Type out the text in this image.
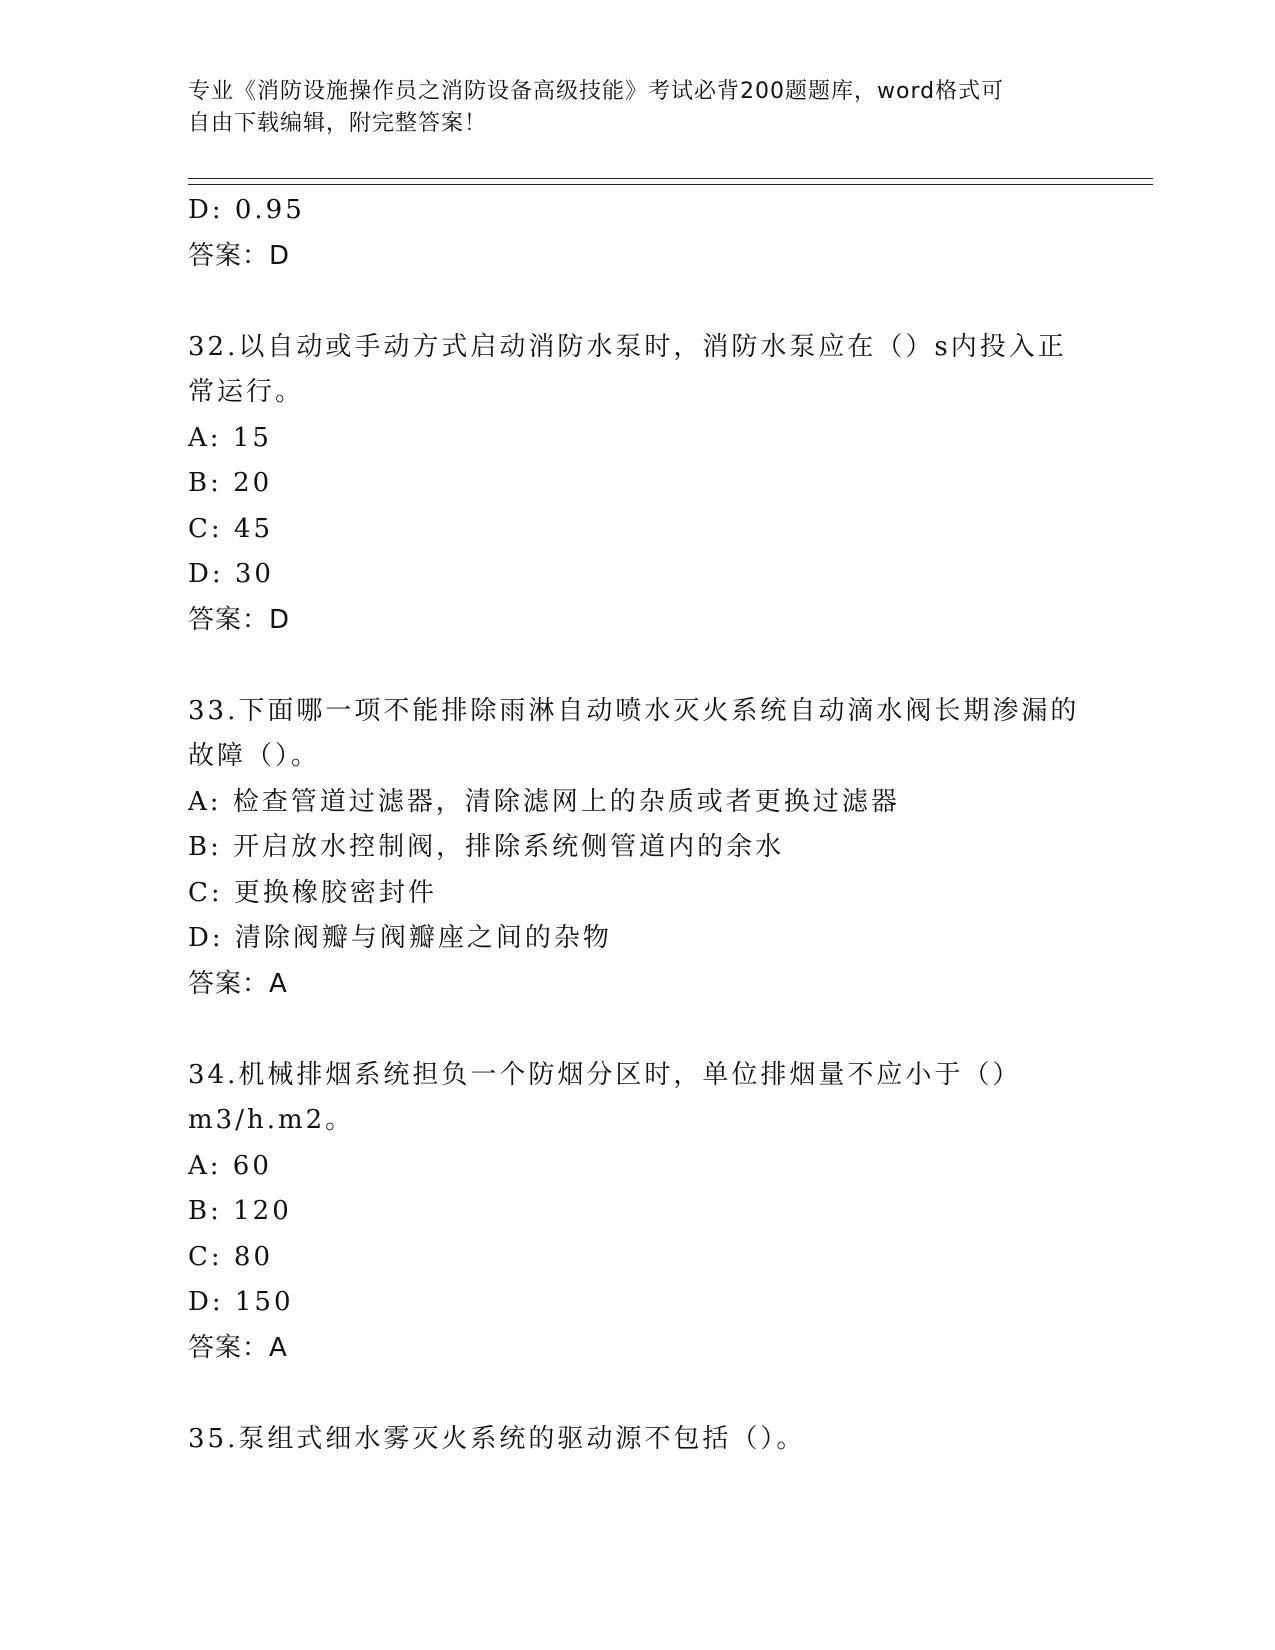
专业《消防设施操作员之消防设备高级技能》考试必背200题题库，word格式可
自由下载编辑，附完整答案！
D: 0.95
答案：D
32.以自动或手动方式启动消防水泵时，消防水泵应在（）s内投入正
常运行。
A: 15
B: 20
C: 45
D: 30
答案：D
33.下面哪一项不能排除雨淋自动喷水灭火系统自动滴水阀长期渗漏的
故障（）。
A: 检查管道过滤器，清除滤网上的杂质或者更换过滤器
B: 开启放水控制阀，排除系统侧管道内的余水
C: 更换橡胶密封件
D: 清除阀瓣与阀瓣座之间的杂物
答案：A
34.机械排烟系统担负一个防烟分区时，单位排烟量不应小于（）
m3/h.m2。
A: 60
B: 120
C: 80
D: 150
答案：A
35.泵组式细水雾灭火系统的驱动源不包括（）。
